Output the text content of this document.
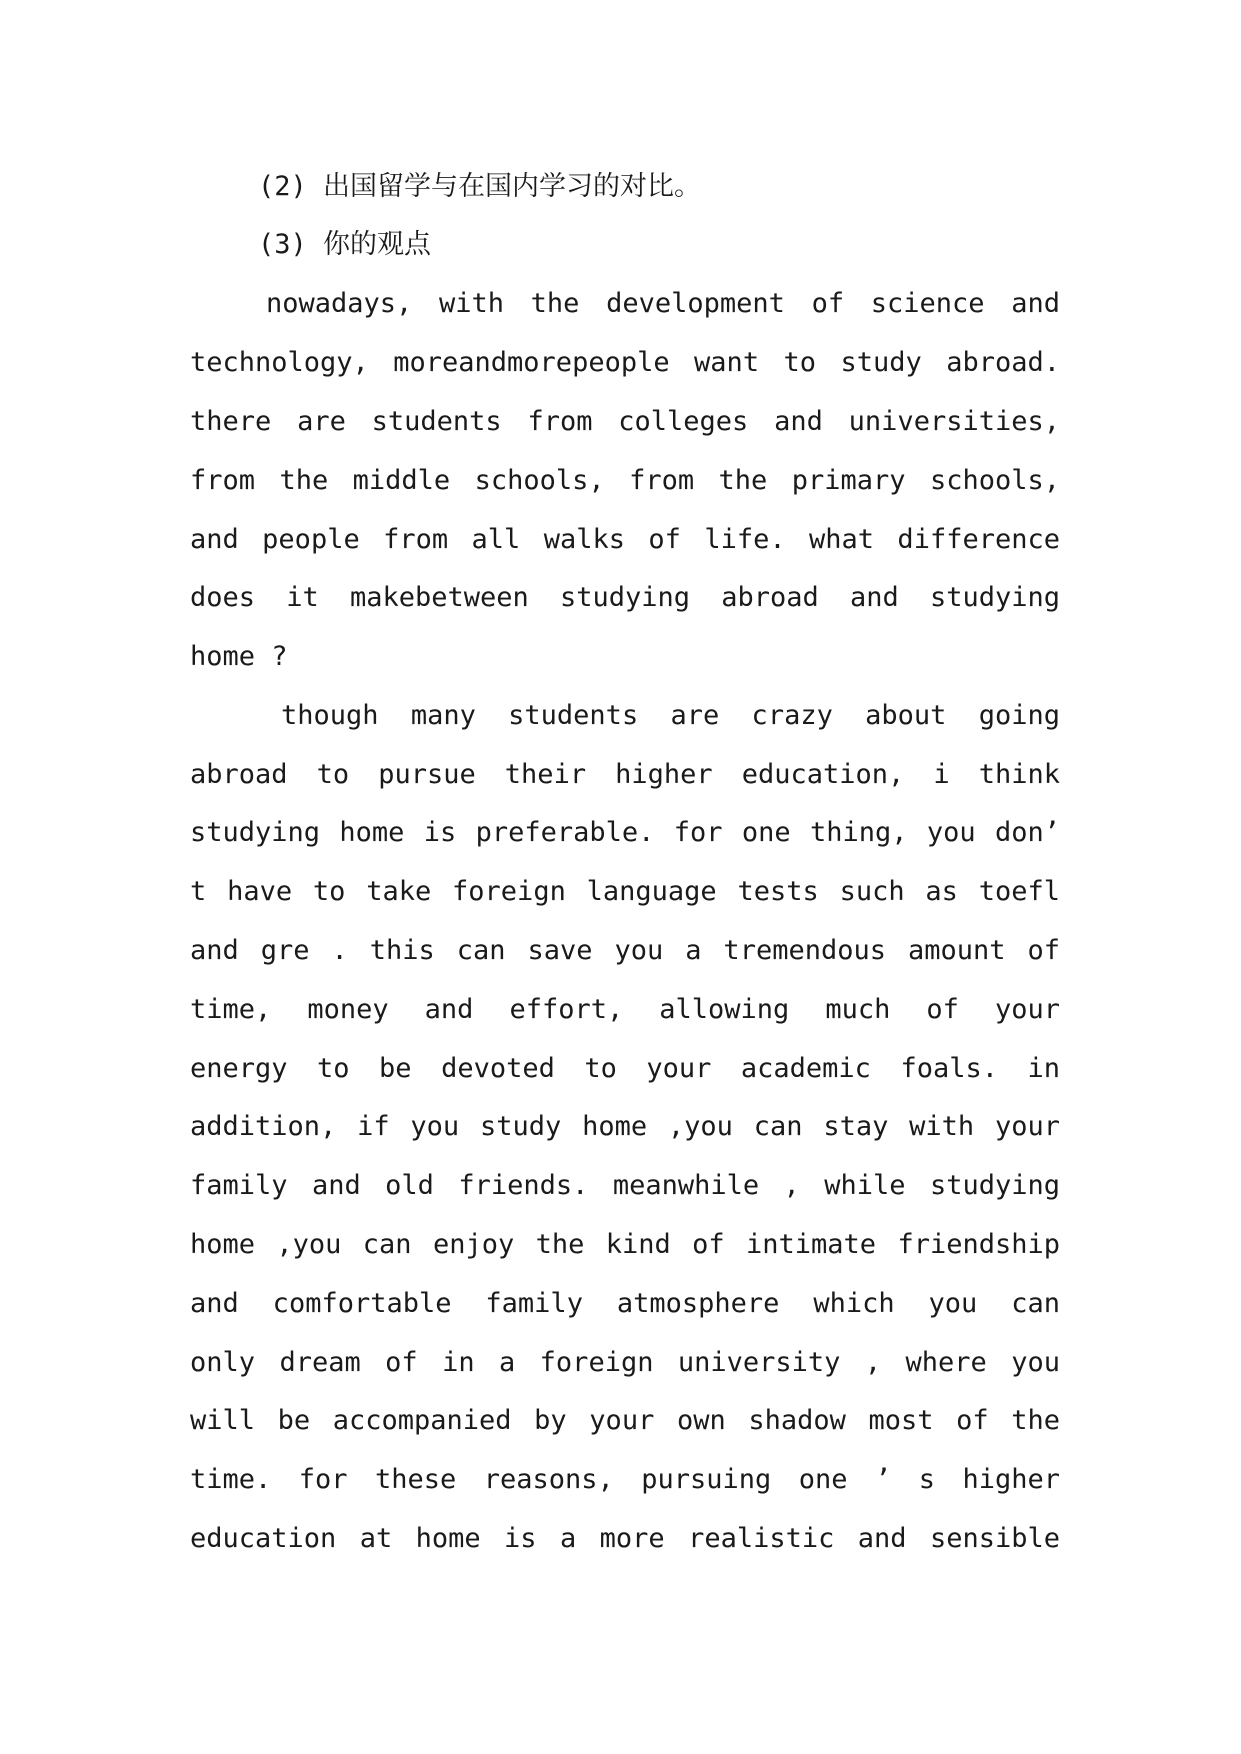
(2) 出国留学与在国内学习的对比。

(3) 你的观点

nowadays, with the development of science and

technology, moreandmorepeople want to study abroad.

there are students from colleges and universities,

from the middle schools, from the primary schools,

and people from all walks of life. what difference

does it makebetween studying abroad and studying

home ?

though many students are crazy about going

abroad to pursue their higher education, i think

studying home is preferable. for one thing, you don’

t have to take foreign language tests such as toefl

and gre . this can save you a tremendous amount of

time, money and effort, allowing much of your

energy to be devoted to your academic foals. in

addition, if you study home ,you can stay with your

family and old friends. meanwhile , while studying

home ,you can enjoy the kind of intimate friendship

and comfortable family atmosphere which you can

only dream of in a foreign university , where you

will be accompanied by your own shadow most of the

time. for these reasons, pursuing one ’ s higher

education at home is a more realistic and sensible
